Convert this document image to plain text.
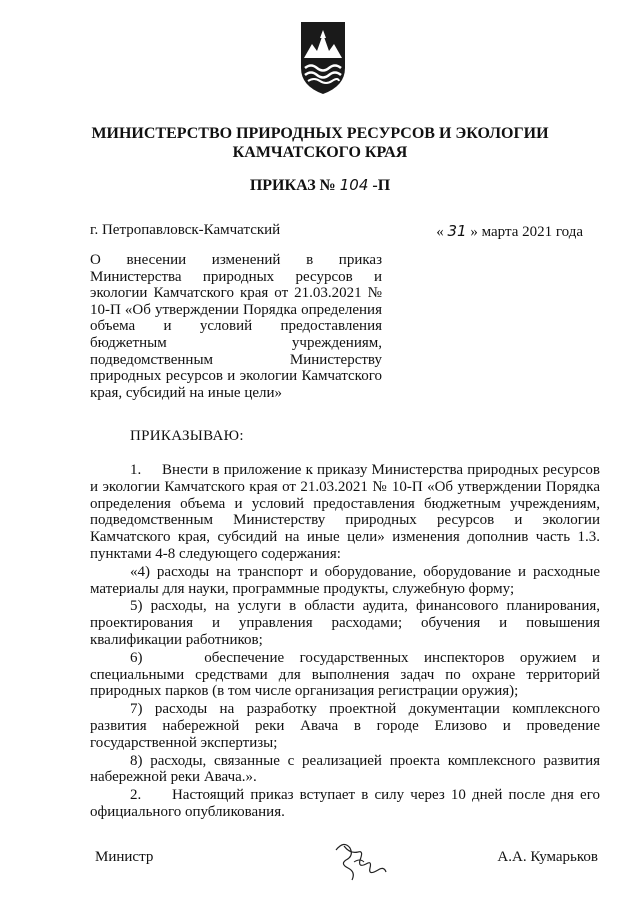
МИНИСТЕРСТВО ПРИРОДНЫХ РЕСУРСОВ И ЭКОЛОГИИ
КАМЧАТСКОГО КРАЯ
ПРИКАЗ № 104 -П
г. Петропавловск-Камчатский	« 31 » марта 2021 года
О внесении изменений в приказ Министерства природных ресурсов и экологии Камчатского края от 21.03.2021 № 10-П «Об утверждении Порядка определения объема и условий предоставления бюджетным учреждениям, подведомственным Министерству природных ресурсов и экологии Камчатского края, субсидий на иные цели»
ПРИКАЗЫВАЮ:

1.     Внести в приложение к приказу Министерства природных ресурсов и экологии Камчатского края от 21.03.2021 № 10-П «Об утверждении Порядка определения объема и условий предоставления бюджетным учреждениям, подведомственным Министерству природных ресурсов и экологии Камчатского края, субсидий на иные цели» изменения дополнив часть 1.3. пунктами 4-8 следующего содержания:

«4) расходы на транспорт и оборудование, оборудование и расходные материалы для науки, программные продукты, служебную форму;

5) расходы, на услуги в области аудита, финансового планирования, проектирования и управления расходами; обучения и повышения квалификации работников;

6)    обеспечение государственных инспекторов оружием и специальными средствами для выполнения задач по охране территорий природных парков (в том числе организация регистрации оружия);

7) расходы на разработку проектной документации комплексного развития набережной реки Авача в городе Елизово и проведение государственной экспертизы;

8) расходы, связанные с реализацией проекта комплексного развития набережной реки Авача.».

2.     Настоящий приказ вступает в силу через 10 дней после дня его официального опубликования.

Министр	А.А. Кумарьков
